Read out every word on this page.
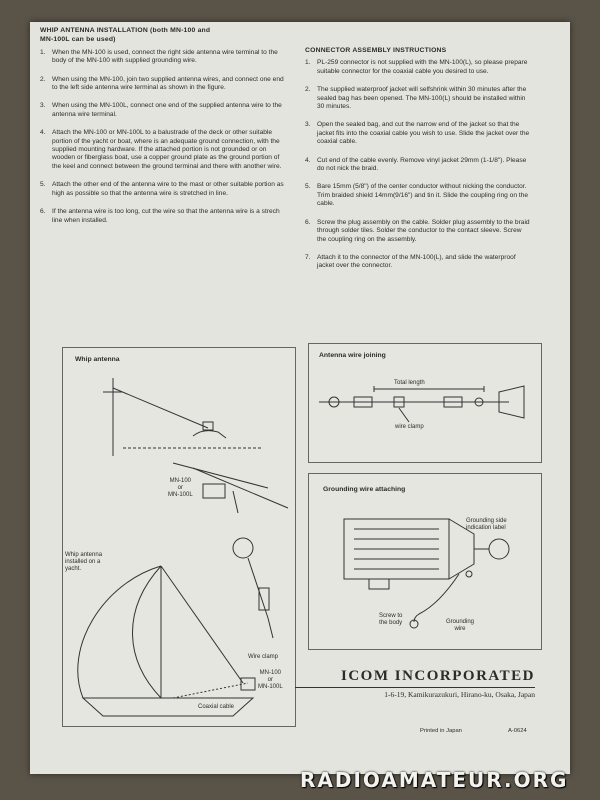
WHIP ANTENNA INSTALLATION (both MN-100 and
MN-100L can be used)
1. When the MN-100 is used, connect the right side antenna wire terminal to the body of the MN-100 with supplied grounding wire.
2. When using the MN-100, join two supplied antenna wires, and connect one end to the left side antenna wire terminal as shown in the figure.
3. When using the MN-100L, connect one end of the supplied antenna wire to the antenna wire terminal.
4. Attach the MN-100 or MN-100L to a balustrade of the deck or other suitable portion of the yacht or boat, where is an adequate ground connection, with the supplied mounting hardware. If the attached portion is not grounded or on wooden or fiberglass boat, use a copper ground plate as the ground portion of the keel and connect between the ground terminal and there with another wire.
5. Attach the other end of the antenna wire to the mast or other suitable portion as high as possible so that the antenna wire is stretched in line.
6. If the antenna wire is too long, cut the wire so that the antenna wire is a strech line when installed.
CONNECTOR ASSEMBLY INSTRUCTIONS
1. PL-259 connector is not supplied with the MN-100(L), so please prepare suitable connector for the coaxial cable you desired to use.
2. The supplied waterproof jacket will selfshrink within 30 minutes after the sealed bag has been opened. The MN-100(L) should be installed within 30 minutes.
3. Open the sealed bag, and cut the narrow end of the jacket so that the jacket fits into the coaxial cable you wish to use. Slide the jacket over the coaxial cable.
4. Cut end of the cable evenly. Remove vinyl jacket 29mm (1-1/8"). Please do not nick the braid.
5. Bare 15mm (5/8") of the center conductor without nicking the conductor. Trim braided shield 14mm(9/16") and tin it. Slide the coupling ring on the cable.
6. Screw the plug assembly on the cable. Solder plug assembly to the braid through solder tiles. Solder the conductor to the contact sleeve. Screw the coupling ring on the assembly.
7. Attach it to the connector of the MN-100(L), and slide the waterproof jacket over the connector.
Whip antenna
MN-100
or
MN-100L
Whip antenna
installed on a
yacht.
Wire clamp
MN-100
or
MN-100L
Coaxial cable
Antenna wire joining
Total length
wire clamp
Grounding wire attaching
Grounding side
indication label
Screw to
the body	Grounding
wire
ICOM INCORPORATED
1-6-19, Kamikurazukuri, Hirano-ku, Osaka, Japan
Printed in Japan	A-0624
RADIOAMATEUR.ORG
